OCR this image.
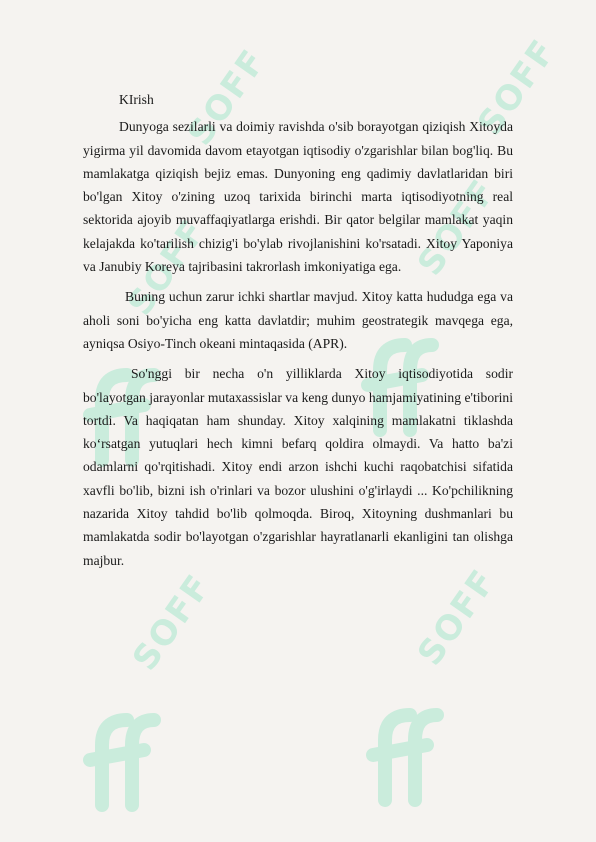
SOFF	SOFF
SOFF	SOFF
SOFF	SOFF
KIrish

Dunyoga sezilarli va doimiy ravishda o'sib borayotgan qiziqish Xitoyda yigirma yil davomida davom etayotgan iqtisodiy o'zgarishlar bilan bog'liq. Bu mamlakatga qiziqish bejiz emas. Dunyoning eng qadimiy davlatlaridan biri bo'lgan Xitoy o'zining uzoq tarixida birinchi marta iqtisodiyotning real sektorida ajoyib muvaffaqiyatlarga erishdi. Bir qator belgilar mamlakat yaqin kelajakda ko'tarilish chizig'i bo'ylab rivojlanishini ko'rsatadi. Xitoy Yaponiya va Janubiy Koreya tajribasini takrorlash imkoniyatiga ega.

Buning uchun zarur ichki shartlar mavjud. Xitoy katta hududga ega va aholi soni bo'yicha eng katta davlatdir; muhim geostrategik mavqega ega, ayniqsa Osiyo-Tinch okeani mintaqasida (APR).

So'nggi bir necha o'n yilliklarda Xitoy iqtisodiyotida sodir bo'layotgan jarayonlar mutaxassislar va keng dunyo hamjamiyatining e'tiborini tortdi. Va haqiqatan ham shunday. Xitoy xalqining mamlakatni tiklashda ko‘rsatgan yutuqlari hech kimni befarq qoldira olmaydi. Va hatto ba'zi odamlarni qo'rqitishadi. Xitoy endi arzon ishchi kuchi raqobatchisi sifatida xavfli bo'lib, bizni ish o'rinlari va bozor ulushini o'g'irlaydi ... Ko'pchilikning nazarida Xitoy tahdid bo'lib qolmoqda. Biroq, Xitoyning dushmanlari bu mamlakatda sodir bo'layotgan o'zgarishlar hayratlanarli ekanligini tan olishga majbur.
